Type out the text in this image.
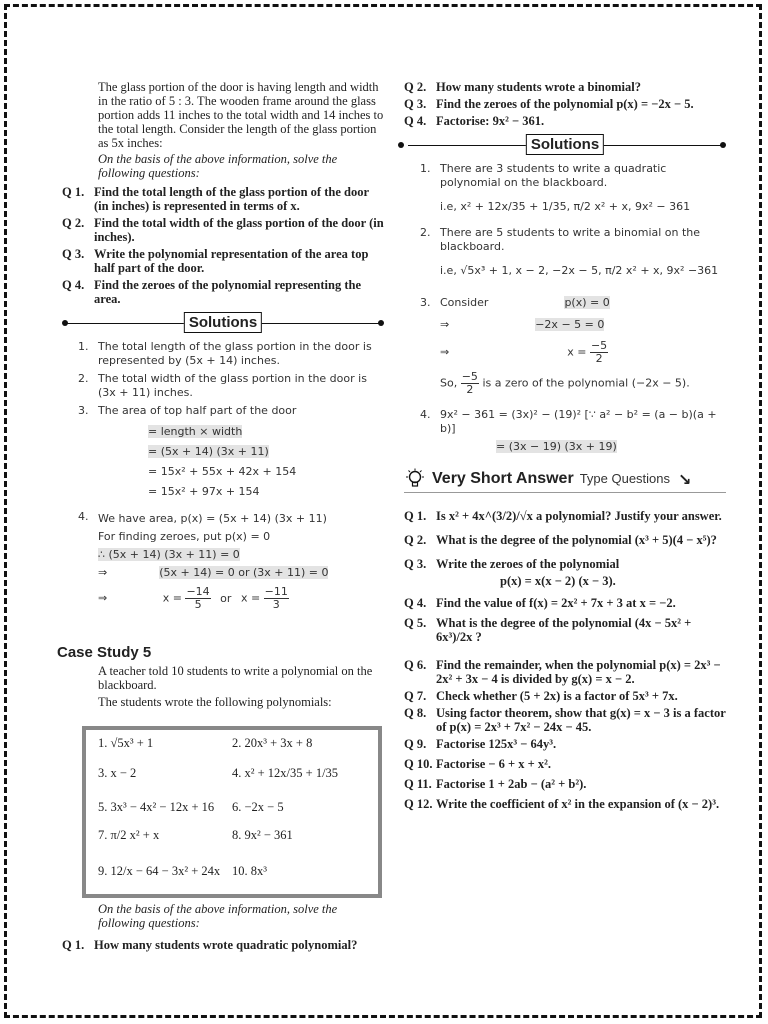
The glass portion of the door is having length and width in the ratio of 5 : 3. The wooden frame around the glass portion adds 11 inches to the total width and 14 inches to the total length. Consider the length of the glass portion as 5x inches:

On the basis of the above information, solve the following questions:

Q 1. Find the total length of the glass portion of the door (in inches) is represented in terms of x.
Q 2. Find the total width of the glass portion of the door (in inches).
Q 3. Write the polynomial representation of the area top half part of the door.
Q 4. Find the zeroes of the polynomial representing the area.
Solutions
1. The total length of the glass portion in the door is represented by (5x + 14) inches.
2. The total width of the glass portion in the door is (3x + 11) inches.
3. The area of top half part of the door
= length × width
= (5x + 14) (3x + 11)
= 15x² + 55x + 42x + 154
= 15x² + 97x + 154
4. We have area, p(x) = (5x + 14) (3x + 11)
For finding zeroes, put p(x) = 0
∴ (5x + 14) (3x + 11) = 0
⇒	(5x + 14) = 0 or (3x + 11) = 0
⇒	$x = \frac{-14}{5}$ or $x = \frac{-11}{3}$
Case Study 5

A teacher told 10 students to write a polynomial on the blackboard.

The students wrote the following polynomials:

1. √5x³ + 1	2. 20x³ + 3x + 8
3. x − 2	4. x² + 12x/35 + 1/35
5. 3x³ − 4x² − 12x + 16	6. −2x − 5
7. π/2 x² + x	8. 9x² − 361
9. 12/x − 64 − 3x² + 24x 10. 8x³

On the basis of the above information, solve the following questions:

Q 1. How many students wrote quadratic polynomial?
Q 2. How many students wrote a binomial?
Q 3. Find the zeroes of the polynomial p(x) = −2x − 5.
Q 4. Factorise: 9x² − 361.
Solutions
1. There are 3 students to write a quadratic polynomial on the blackboard.
i.e, x² + 12x/35 + 1/35, π/2 x² + x, 9x² − 361
2. There are 5 students to write a binomial on the blackboard.
i.e, √5x³ + 1, x − 2, −2x − 5, π/2 x² + x, 9x² −361
3. Consider	p(x) = 0
⇒	−2x − 5 = 0
⇒	$x = \frac{-5}{2}$
So, $\frac{-5}{2}$ is a zero of the polynomial (−2x − 5).
4. 9x² − 361 = (3x)² − (19)² [∵ a² − b² = (a − b)(a + b)]
= (3x − 19) (3x + 19)
Very Short Answer Type Questions ↘
Q 1. Is x² + 4x^(3/2)/√x a polynomial? Justify your answer.
Q 2. What is the degree of the polynomial (x³ + 5)(4 − x⁵)?
Q 3. Write the zeroes of the polynomial
p(x) = x(x − 2) (x − 3).
Q 4. Find the value of f(x) = 2x² + 7x + 3 at x = −2.
Q 5. What is the degree of the polynomial (4x − 5x² + 6x³)/2x ?
Q 6. Find the remainder, when the polynomial p(x) = 2x³ − 2x² + 3x − 4 is divided by g(x) = x − 2.
Q 7. Check whether (5 + 2x) is a factor of 5x³ + 7x.
Q 8. Using factor theorem, show that g(x) = x − 3 is a factor of p(x) = 2x³ + 7x² − 24x − 45.
Q 9. Factorise 125x³ − 64y³.
Q 10. Factorise − 6 + x + x².
Q 11. Factorise 1 + 2ab − (a² + b²).
Q 12. Write the coefficient of x² in the expansion of (x − 2)³.
